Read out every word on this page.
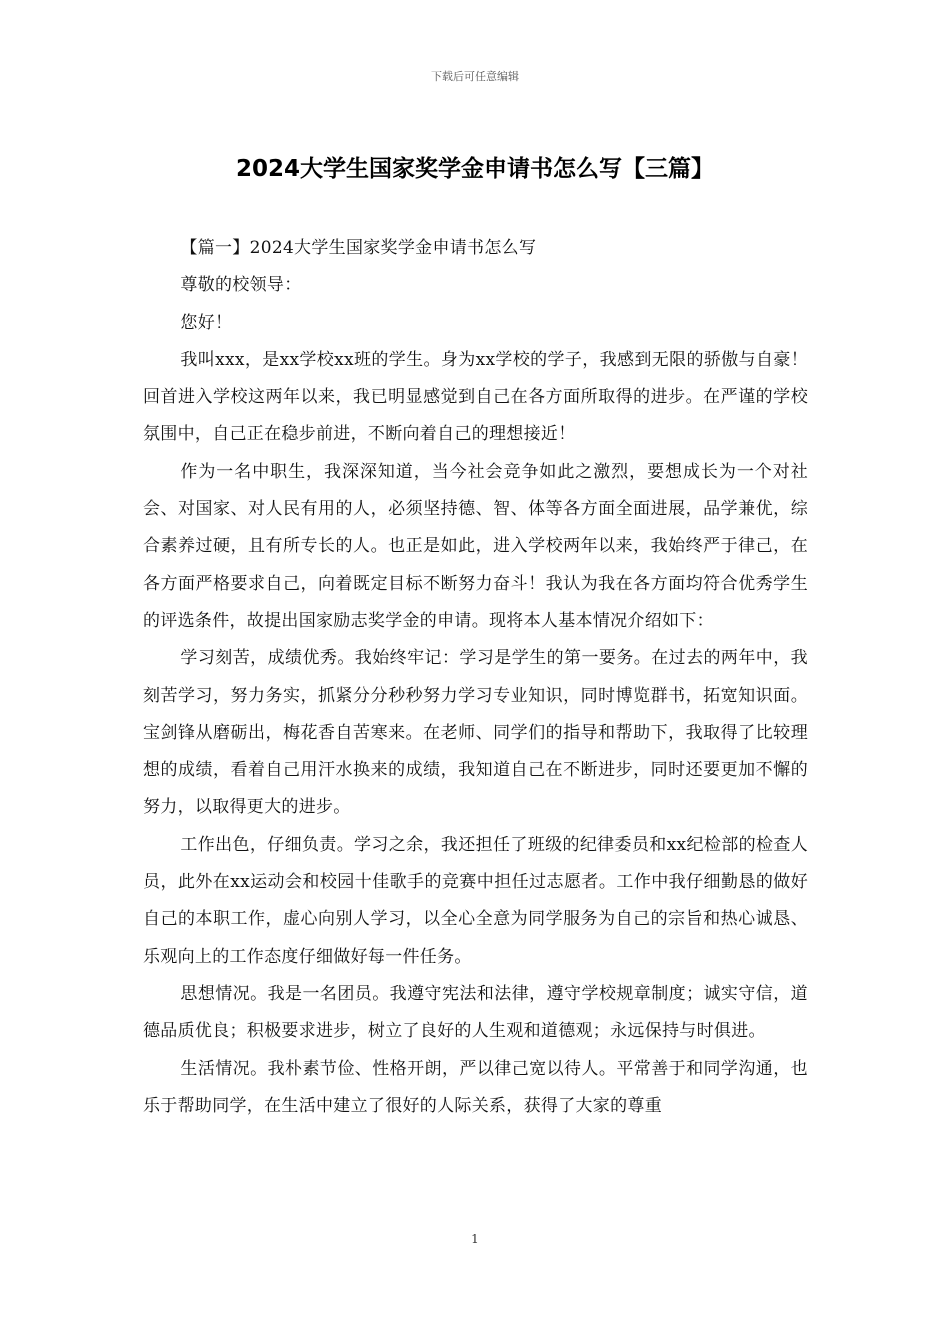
下载后可任意编辑
2024大学生国家奖学金申请书怎么写【三篇】

【篇一】2024大学生国家奖学金申请书怎么写

尊敬的校领导：

您好！

我叫xxx，是xx学校xx班的学生。身为xx学校的学子，我感到无限的骄傲与自豪！回首进入学校这两年以来，我已明显感觉到自己在各方面所取得的进步。在严谨的学校氛围中，自己正在稳步前进，不断向着自己的理想接近！

作为一名中职生，我深深知道，当今社会竞争如此之激烈，要想成长为一个对社会、对国家、对人民有用的人，必须坚持德、智、体等各方面全面进展，品学兼优，综合素养过硬，且有所专长的人。也正是如此，进入学校两年以来，我始终严于律己，在各方面严格要求自己，向着既定目标不断努力奋斗！我认为我在各方面均符合优秀学生的评选条件，故提出国家励志奖学金的申请。现将本人基本情况介绍如下：

学习刻苦，成绩优秀。我始终牢记：学习是学生的第一要务。在过去的两年中，我刻苦学习，努力务实，抓紧分分秒秒努力学习专业知识，同时博览群书，拓宽知识面。宝剑锋从磨砺出，梅花香自苦寒来。在老师、同学们的指导和帮助下，我取得了比较理想的成绩，看着自己用汗水换来的成绩，我知道自己在不断进步，同时还要更加不懈的努力，以取得更大的进步。

工作出色，仔细负责。学习之余，我还担任了班级的纪律委员和xx纪检部的检查人员，此外在xx运动会和校园十佳歌手的竞赛中担任过志愿者。工作中我仔细勤恳的做好自己的本职工作，虚心向别人学习，以全心全意为同学服务为自己的宗旨和热心诚恳、乐观向上的工作态度仔细做好每一件任务。

思想情况。我是一名团员。我遵守宪法和法律，遵守学校规章制度；诚实守信，道德品质优良；积极要求进步，树立了良好的人生观和道德观；永远保持与时俱进。

生活情况。我朴素节俭、性格开朗，严以律己宽以待人。平常善于和同学沟通，也乐于帮助同学，在生活中建立了很好的人际关系，获得了大家的尊重

1
